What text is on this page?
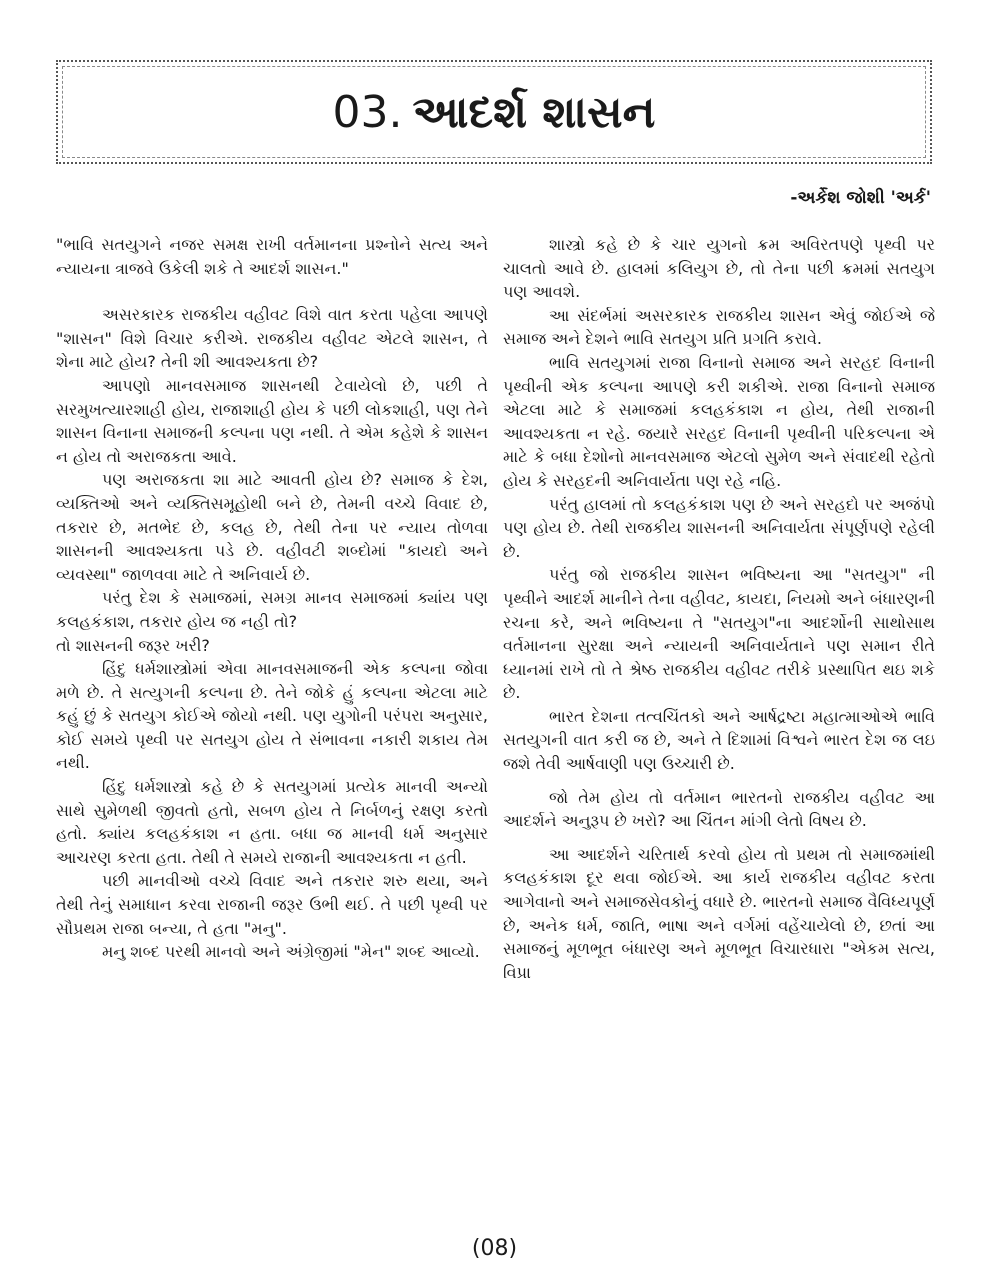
03. આદર્શ શાસન
-અર્કેશ જોશી 'અર્ક'

"ભાવિ સતયુગને નજર સમક્ષ રાખી વર્તમાનના પ્રશ્નોને સત્ય અને ન્યાયના ત્રાજવે ઉકેલી શકે તે આદર્શ શાસન."

અસરકારક રાજકીય વહીવટ વિશે વાત કરતા પહેલા આપણે "શાસન" વિશે વિચાર કરીએ. રાજકીય વહીવટ એટલે શાસન, તે શેના માટે હોય? તેની શી આવશ્યકતા છે?

આપણો માનવસમાજ શાસનથી ટેવાયેલો છે, પછી તે સરમુખત્યારશાહી હોય, રાજાશાહી હોય કે પછી લોકશાહી, પણ તેને શાસન વિનાના સમાજની કલ્પના પણ નથી. તે એમ કહેશે કે શાસન ન હોય તો અરાજકતા આવે.

પણ અરાજકતા શા માટે આવતી હોય છે? સમાજ કે દેશ, વ્યક્તિઓ અને વ્યક્તિસમૂહોથી બને છે, તેમની વચ્ચે વિવાદ છે, તકરાર છે, મતભેદ છે, કલહ છે, તેથી તેના પર ન્યાય તોળવા શાસનની આવશ્યકતા પડે છે. વહીવટી શબ્દોમાં "કાયદો અને વ્યવસ્થા" જાળવવા માટે તે અનિવાર્ય છે.

પરંતુ દેશ કે સમાજમાં, સમગ્ર માનવ સમાજમાં ક્યાંય પણ કલહકંકાશ, તકરાર હોય જ નહી તો?

તો શાસનની જરૂર ખરી?

હિંદુ ધર્મશાસ્ત્રોમાં એવા માનવસમાજની એક કલ્પના જોવા મળે છે. તે સત્યુગની કલ્પના છે. તેને જોકે હું કલ્પના એટલા માટે કહું છું કે સતયુગ કોઈએ જોયો નથી. પણ યુગોની પરંપરા અનુસાર, કોઈ સમયે પૃથ્વી પર સતયુગ હોય તે સંભાવના નકારી શકાય તેમ નથી.

હિંદુ ધર્મશાસ્ત્રો કહે છે કે સતયુગમાં પ્રત્યેક માનવી અન્યો સાથે સુમેળથી જીવતો હતો, સબળ હોય તે નિર્બળનું રક્ષણ કરતો હતો. ક્યાંય કલહકંકાશ ન હતા. બધા જ માનવી ધર્મ અનુસાર આચરણ કરતા હતા. તેથી તે સમયે રાજાની આવશ્યકતા ન હતી.

પછી માનવીઓ વચ્ચે વિવાદ અને તકરાર શરુ થયા, અને તેથી તેનું સમાધાન કરવા રાજાની જરૂર ઉભી થઈ. તે પછી પૃથ્વી પર સૌપ્રથમ રાજા બન્યા, તે હતા "મનુ".

મનુ શબ્દ પરથી માનવો અને અંગ્રેજીમાં "મેન" શબ્દ આવ્યો.

શાસ્ત્રો કહે છે કે ચાર યુગનો ક્રમ અવિરતપણે પૃથ્વી પર ચાલતો આવે છે. હાલમાં કલિયુગ છે, તો તેના પછી ક્રમમાં સતયુગ પણ આવશે.

આ સંદર્ભમાં અસરકારક રાજકીય શાસન એવું જોઈએ જે સમાજ અને દેશને ભાવિ સતયુગ પ્રતિ પ્રગતિ કરાવે.

ભાવિ સતયુગમાં રાજા વિનાનો સમાજ અને સરહદ વિનાની પૃથ્વીની એક કલ્પના આપણે કરી શકીએ. રાજા વિનાનો સમાજ એટલા માટે કે સમાજમાં કલહકંકાશ ન હોય, તેથી રાજાની આવશ્યકતા ન રહે. જયારે સરહદ વિનાની પૃથ્વીની પરિકલ્પના એ માટે કે બધા દેશોનો માનવસમાજ એટલો સુમેળ અને સંવાદથી રહેતો હોય કે સરહદની અનિવાર્યતા પણ રહે નહિ.

પરંતુ હાલમાં તો કલહકંકાશ પણ છે અને સરહદો પર અજંપો પણ હોય છે. તેથી રાજકીય શાસનની અનિવાર્યતા સંપૂર્ણપણે રહેલી છે.

પરંતુ જો રાજકીય શાસન ભવિષ્યના આ "સતયુગ" ની પૃથ્વીને આદર્શ માનીને તેના વહીવટ, કાયદા, નિયમો અને બંધારણની રચના કરે, અને ભવિષ્યના તે "સતયુગ"ના આદર્શોની સાથોસાથ વર્તમાનના સુરક્ષા અને ન્યાયની અનિવાર્યતાને પણ સમાન રીતે ધ્યાનમાં રાખે તો તે શ્રેષ્ઠ રાજકીય વહીવટ તરીકે પ્રસ્થાપિત થઇ શકે છે.

ભારત દેશના તત્વચિંતકો અને આર્ષદ્રષ્ટા મહાત્માઓએ ભાવિ સતયુગની વાત કરી જ છે, અને તે દિશામાં વિશ્વને ભારત દેશ જ લઇ જશે તેવી આર્ષવાણી પણ ઉચ્ચારી છે.

જો તેમ હોય તો વર્તમાન ભારતનો રાજકીય વહીવટ આ આદર્શને અનુરૂપ છે ખરો? આ ચિંતન માંગી લેતો વિષય છે.

આ આદર્શને ચરિતાર્થ કરવો હોય તો પ્રથમ તો સમાજમાંથી કલહકંકાશ દૂર થવા જોઈએ. આ કાર્ય રાજકીય વહીવટ કરતા આગેવાનો અને સમાજસેવકોનું વધારે છે. ભારતનો સમાજ વૈવિધ્યપૂર્ણ છે, અનેક ધર્મ, જાતિ, ભાષા અને વર્ગમાં વહેંચાયેલો છે, છતાં આ સમાજનું મૂળભૂત બંધારણ અને મૂળભૂત વિચારધારા "એકમ સત્ય, વિપ્રા

(08)
